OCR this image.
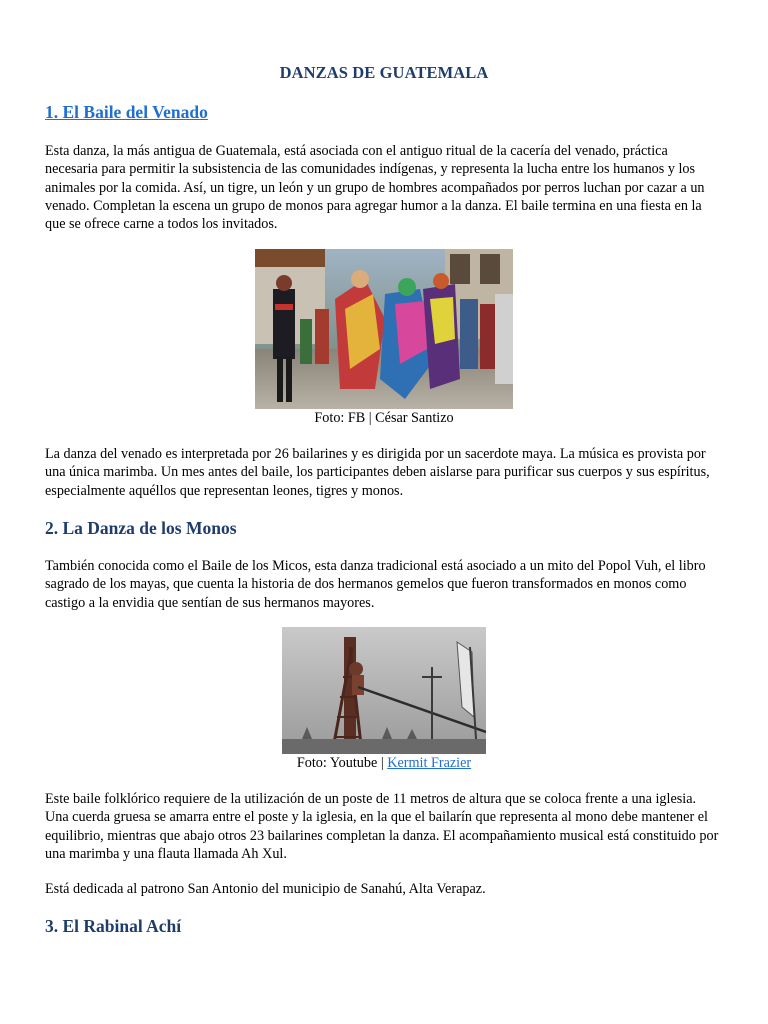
DANZAS DE GUATEMALA
1. El Baile del Venado
Esta danza, la más antigua de Guatemala, está asociada con el antiguo ritual de la cacería del venado, práctica necesaria para permitir la subsistencia de las comunidades indígenas, y representa la lucha entre los humanos y los animales por la comida. Así, un tigre, un león y un grupo de hombres acompañados por perros luchan por cazar a un venado. Completan la escena un grupo de monos para agregar humor a la danza. El baile termina en una fiesta en la que se ofrece carne a todos los invitados.
Foto: FB | César Santizo
La danza del venado es interpretada por 26 bailarines y es dirigida por un sacerdote maya. La música es provista por una única marimba. Un mes antes del baile, los participantes deben aislarse para purificar sus cuerpos y sus espíritus, especialmente aquéllos que representan leones, tigres y monos.
2. La Danza de los Monos
También conocida como el Baile de los Micos, esta danza tradicional está asociado a un mito del Popol Vuh, el libro sagrado de los mayas, que cuenta la historia de dos hermanos gemelos que fueron transformados en monos como castigo a la envidia que sentían de sus hermanos mayores.
Foto: Youtube | Kermit Frazier
Este baile folklórico requiere de la utilización de un poste de 11 metros de altura que se coloca frente a una iglesia. Una cuerda gruesa se amarra entre el poste y la iglesia, en la que el bailarín que representa al mono debe mantener el equilibrio, mientras que abajo otros 23 bailarines completan la danza. El acompañamiento musical está constituido por una marimba y una flauta llamada Ah Xul.
Está dedicada al patrono San Antonio del municipio de Sanahú, Alta Verapaz.
3. El Rabinal Achí
